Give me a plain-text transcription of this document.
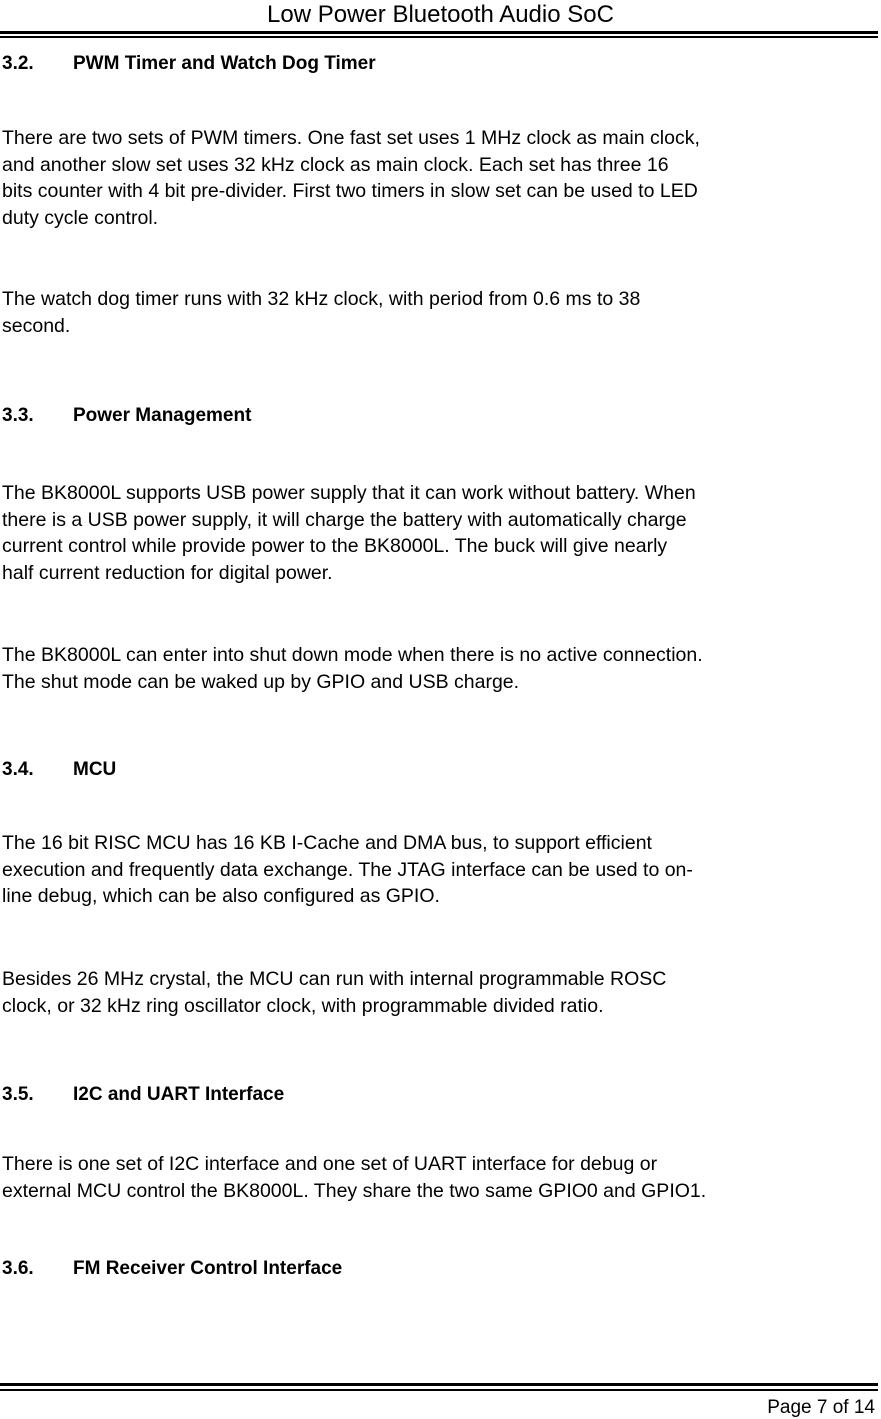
Low Power Bluetooth Audio SoC
3.2. PWM Timer and Watch Dog Timer
There are two sets of PWM timers. One fast set uses 1 MHz clock as main clock,
and another slow set uses 32 kHz clock as main clock. Each set has three 16
bits counter with 4 bit pre-divider. First two timers in slow set can be used to LED
duty cycle control.
The watch dog timer runs with 32 kHz clock, with period from 0.6 ms to 38
second.
3.3. Power Management
The BK8000L supports USB power supply that it can work without battery. When
there is a USB power supply, it will charge the battery with automatically charge
current control while provide power to the BK8000L. The buck will give nearly
half current reduction for digital power.
The BK8000L can enter into shut down mode when there is no active connection.
The shut mode can be waked up by GPIO and USB charge.
3.4. MCU
The 16 bit RISC MCU has 16 KB I-Cache and DMA bus, to support efficient
execution and frequently data exchange. The JTAG interface can be used to on-
line debug, which can be also configured as GPIO.
Besides 26 MHz crystal, the MCU can run with internal programmable ROSC
clock, or 32 kHz ring oscillator clock, with programmable divided ratio.
3.5. I2C and UART Interface
There is one set of I2C interface and one set of UART interface for debug or
external MCU control the BK8000L. They share the two same GPIO0 and GPIO1.
3.6. FM Receiver Control Interface
Page 7 of 14
